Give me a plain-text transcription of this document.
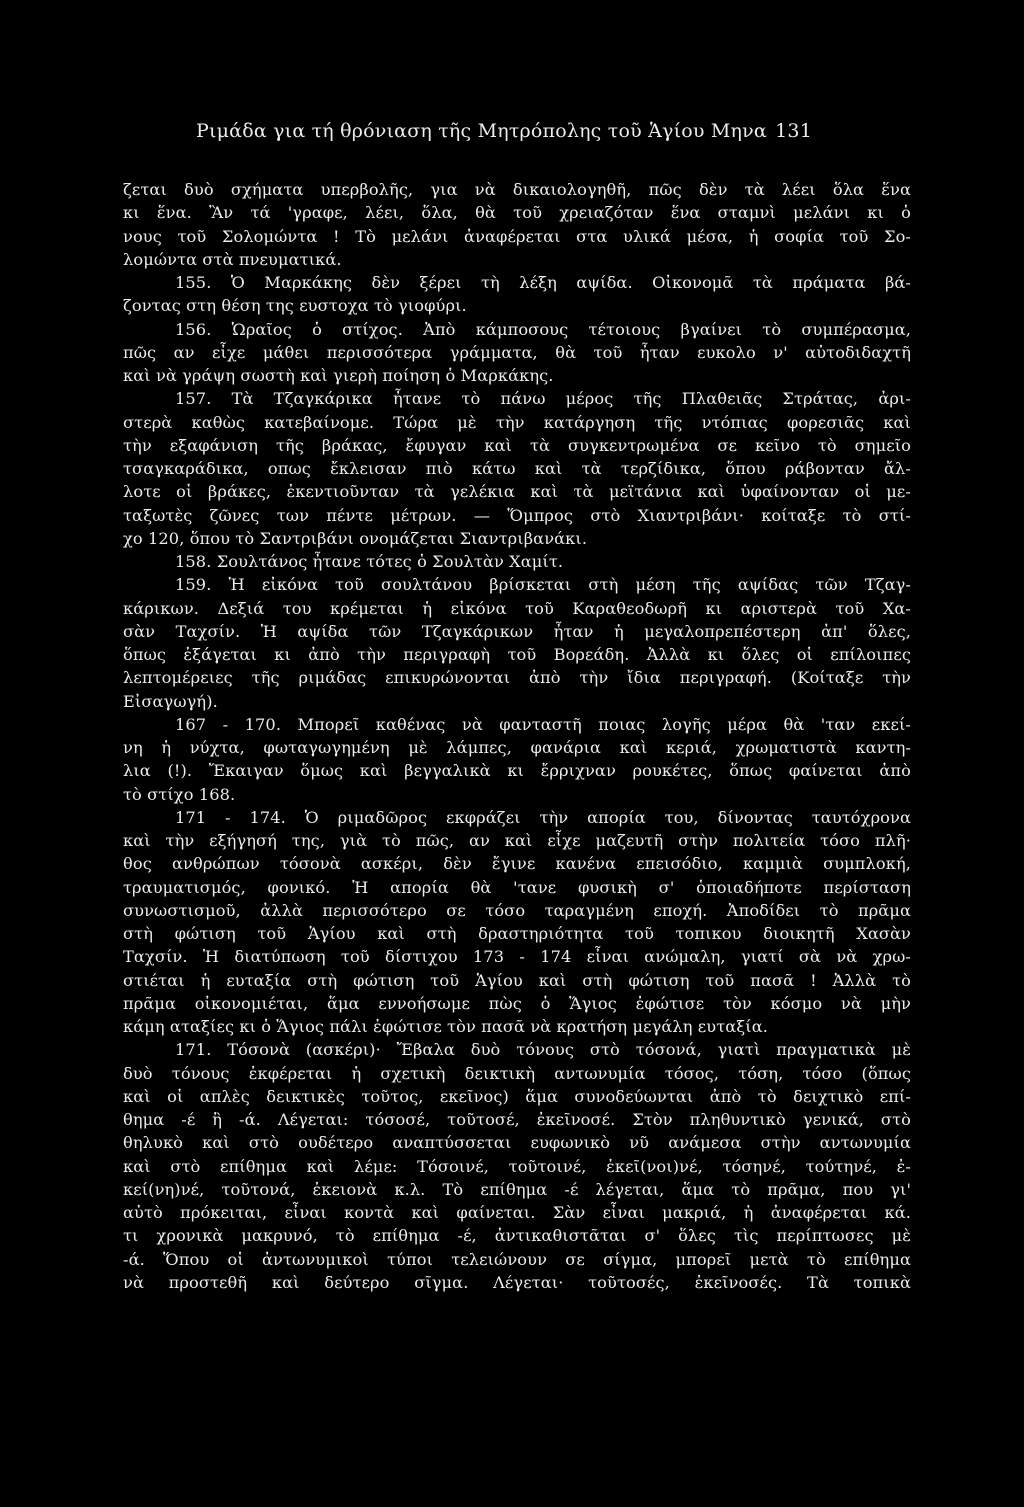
Ριμάδα για τή θρόνιαση τῆς Μητρόπολης τοῦ Ἁγίου Μηνα 131
ζεται δυὸ σχήματα υπερβολῆς, για νὰ δικαιολογηθῆ, πῶς δὲν τὰ λέει ὅλα ἕνα
κι ἕνα. Ἂν τά 'γραφε, λέει, ὅλα, θὰ τοῦ χρειαζόταν ἕνα σταμνὶ μελάνι κι ὁ
νους τοῦ Σολομώντα ! Τὸ μελάνι ἀναφέρεται στα υλικά μέσα, ἡ σοφία τοῦ Σο-
λομώντα στὰ πνευματικά.
155. Ὁ Μαρκάκης δὲν ξέρει τὴ λέξη αψίδα. Οἰκονομᾶ τὰ πράματα βά-
ζοντας στη θέση της ευστοχα τὸ γιοφύρι.
156. Ὡραῖος ὁ στίχος. Ἀπὸ κάμποσους τέτοιους βγαίνει τὸ συμπέρασμα,
πῶς αν εἶχε μάθει περισσότερα γράμματα, θὰ τοῦ ἦταν ευκολο ν' αὐτοδιδαχτῆ
καὶ νὰ γράψη σωστὴ καὶ γιερὴ ποίηση ὁ Μαρκάκης.
157. Τὰ Τζαγκάρικα ἦτανε τὸ πάνω μέρος τῆς Πλαθειᾶς Στράτας, ἀρι-
στερὰ καθὼς κατεβαίνομε. Τώρα μὲ τὴν κατάργηση τῆς ντόπιας φορεσιᾶς καὶ
τὴν εξαφάνιση τῆς βράκας, ἔφυγαν καὶ τὰ συγκεντρωμένα σε κεῖνο τὸ σημεῖο
τσαγκαράδικα, οπως ἔκλεισαν πιὸ κάτω καὶ τὰ τερζίδικα, ὅπου ράβονταν ἄλ-
λοτε οἱ βράκες, ἐκεντιοῦνταν τὰ γελέκια καὶ τὰ μεϊτάνια καὶ ὑφαίνονταν οἱ με-
ταξωτὲς ζῶνες των πέντε μέτρων. — Ὅμπρος στὸ Χιαντριβάνι· κοίταξε τὸ στί-
χο 120, ὅπου τὸ Σαντριβάνι ονομάζεται Σιαντριβανάκι.
158. Σουλτάνος ἦτανε τότες ὁ Σουλτὰν Χαμίτ.
159. Ἡ εἰκόνα τοῦ σουλτάνου βρίσκεται στὴ μέση τῆς αψίδας τῶν Τζαγ-
κάρικων. Δεξιά του κρέμεται ἡ εἰκόνα τοῦ Καραθεοδωρῆ κι αριστερὰ τοῦ Χα-
σὰν Ταχσίν. Ἡ αψίδα τῶν Τζαγκάρικων ἦταν ἡ μεγαλοπρεπέστερη ἀπ' ὅλες,
ὅπως ἐξάγεται κι ἀπὸ τὴν περιγραφὴ τοῦ Βορεάδη. Ἀλλὰ κι ὅλες οἱ επίλοιπες
λεπτομέρειες τῆς ριμάδας επικυρώνονται ἀπὸ τὴν ἴδια περιγραφή. (Κοίταξε τὴν
Εἰσαγωγή).
167 - 170. Μπορεῖ καθένας νὰ φανταστῆ ποιας λογῆς μέρα θὰ 'ταν εκεί-
νη ἡ νύχτα, φωταγωγημένη μὲ λάμπες, φανάρια καὶ κεριά, χρωματιστὰ καντη-
λια (!). Ἔκαιγαν ὅμως καὶ βεγγαλικὰ κι ἔρριχναν ρουκέτες, ὅπως φαίνεται ἀπὸ
τὸ στίχο 168.
171 - 174. Ὁ ριμαδῶρος εκφράζει τὴν απορία του, δίνοντας ταυτόχρονα
καὶ τὴν εξήγησή της, γιὰ τὸ πῶς, αν καὶ εἶχε μαζευτῆ στὴν πολιτεία τόσο πλῆ·
θος ανθρώπων τόσονὰ ασκέρι, δὲν ἔγινε κανένα επεισόδιο, καμμιὰ συμπλοκή,
τραυματισμός, φονικό. Ἡ απορία θὰ 'τανε φυσικὴ σ' ὁποιαδήποτε περίσταση
συνωστισμοῦ, ἀλλὰ περισσότερο σε τόσο ταραγμένη εποχή. Ἀποδίδει τὸ πρᾶμα
στὴ φώτιση τοῦ Ἁγίου καὶ στὴ δραστηριότητα τοῦ τοπικου διοικητῆ Χασὰν
Ταχσίν. Ἡ διατύπωση τοῦ δίστιχου 173 - 174 εἶναι ανώμαλη, γιατί σὰ νὰ χρω-
στιέται ἡ ευταξία στὴ φώτιση τοῦ Ἁγίου καὶ στὴ φώτιση τοῦ πασᾶ ! Ἀλλὰ τὸ
πρᾶμα οἰκονομιέται, ἅμα εννοήσωμε πὼς ὁ Ἅγιος ἐφώτισε τὸν κόσμο νὰ μὴν
κάμη αταξίες κι ὁ Ἅγιος πάλι ἐφώτισε τὸν πασᾶ νὰ κρατήση μεγάλη ευταξία.
171. Τόσονὰ (ασκέρι)· Ἔβαλα δυὸ τόνους στὸ τόσονά, γιατὶ πραγματικὰ μὲ
δυὸ τόνους ἐκφέρεται ἡ σχετικὴ δεικτικὴ αντωνυμία τόσος, τόση, τόσο (ὅπως
καὶ οἱ απλὲς δεικτικὲς τοῦτος, εκεῖνος) ἅμα συνοδεύωνται ἀπὸ τὸ δειχτικὸ επί-
θημα -έ ἢ -ά. Λέγεται: τόσοσέ, τοῦτοσέ, ἐκεῖνοσέ. Στὸν πληθυντικὸ γενικά, στὸ
θηλυκὸ καὶ στὸ ουδέτερο αναπτύσσεται ευφωνικὸ νῦ ανάμεσα στὴν αντωνυμία
καὶ στὸ επίθημα καὶ λέμε: Τόσοινέ, τοῦτοινέ, ἐκεῖ(νοι)νέ, τόσηνέ, τούτηνέ, ἐ-
κεί(νη)νέ, τοῦτονά, ἐκειονὰ κ.λ. Τὸ επίθημα -έ λέγεται, ἅμα τὸ πρᾶμα, που γι'
αὐτὸ πρόκειται, εἶναι κοντὰ καὶ φαίνεται. Σὰν εἶναι μακριά, ἡ ἀναφέρεται κά.
τι χρονικὰ μακρυνό, τὸ επίθημα -έ, ἀντικαθιστᾶται σ' ὅλες τὶς περίπτωσες μὲ
-ά. Ὅπου οἱ ἀντωνυμικοὶ τύποι τελειώνουν σε σίγμα, μπορεῖ μετὰ τὸ επίθημα
νὰ προστεθῆ καὶ δεύτερο σῖγμα. Λέγεται· τοῦτοσές, ἐκεῖνοσές. Τὰ τοπικὰ
